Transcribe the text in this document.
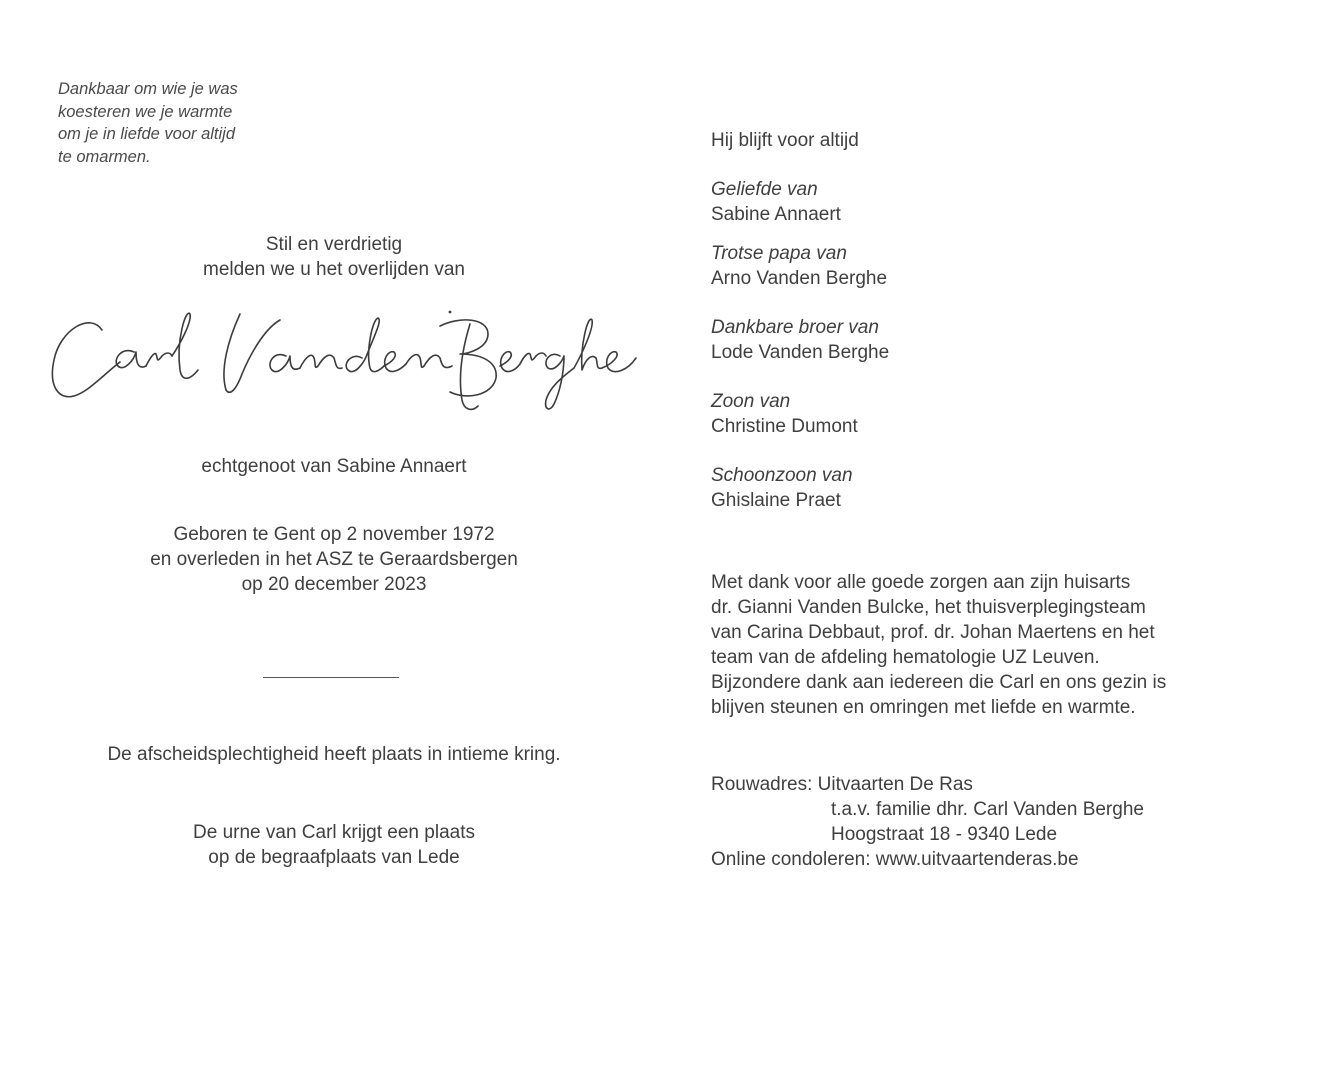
Dankbaar om wie je was
koesteren we je warmte
om je in liefde voor altijd
te omarmen.
Stil en verdrietig
melden we u het overlijden van
echtgenoot van Sabine Annaert
Geboren te Gent op 2 november 1972
en overleden in het ASZ te Geraardsbergen
op 20 december 2023
De afscheidsplechtigheid heeft plaats in intieme kring.
De urne van Carl krijgt een plaats
op de begraafplaats van Lede
Hij blijft voor altijd
Geliefde van
Sabine Annaert
Trotse papa van
Arno Vanden Berghe
Dankbare broer van
Lode Vanden Berghe
Zoon van
Christine Dumont
Schoonzoon van
Ghislaine Praet
Met dank voor alle goede zorgen aan zijn huisarts
dr. Gianni Vanden Bulcke, het thuisverplegingsteam
van Carina Debbaut, prof. dr. Johan Maertens en het
team van de afdeling hematologie UZ Leuven.
Bijzondere dank aan iedereen die Carl en ons gezin is
blijven steunen en omringen met liefde en warmte.
Rouwadres: Uitvaarten De Ras
t.a.v. familie dhr. Carl Vanden Berghe
Hoogstraat 18 - 9340 Lede
Online condoleren: www.uitvaartenderas.be
